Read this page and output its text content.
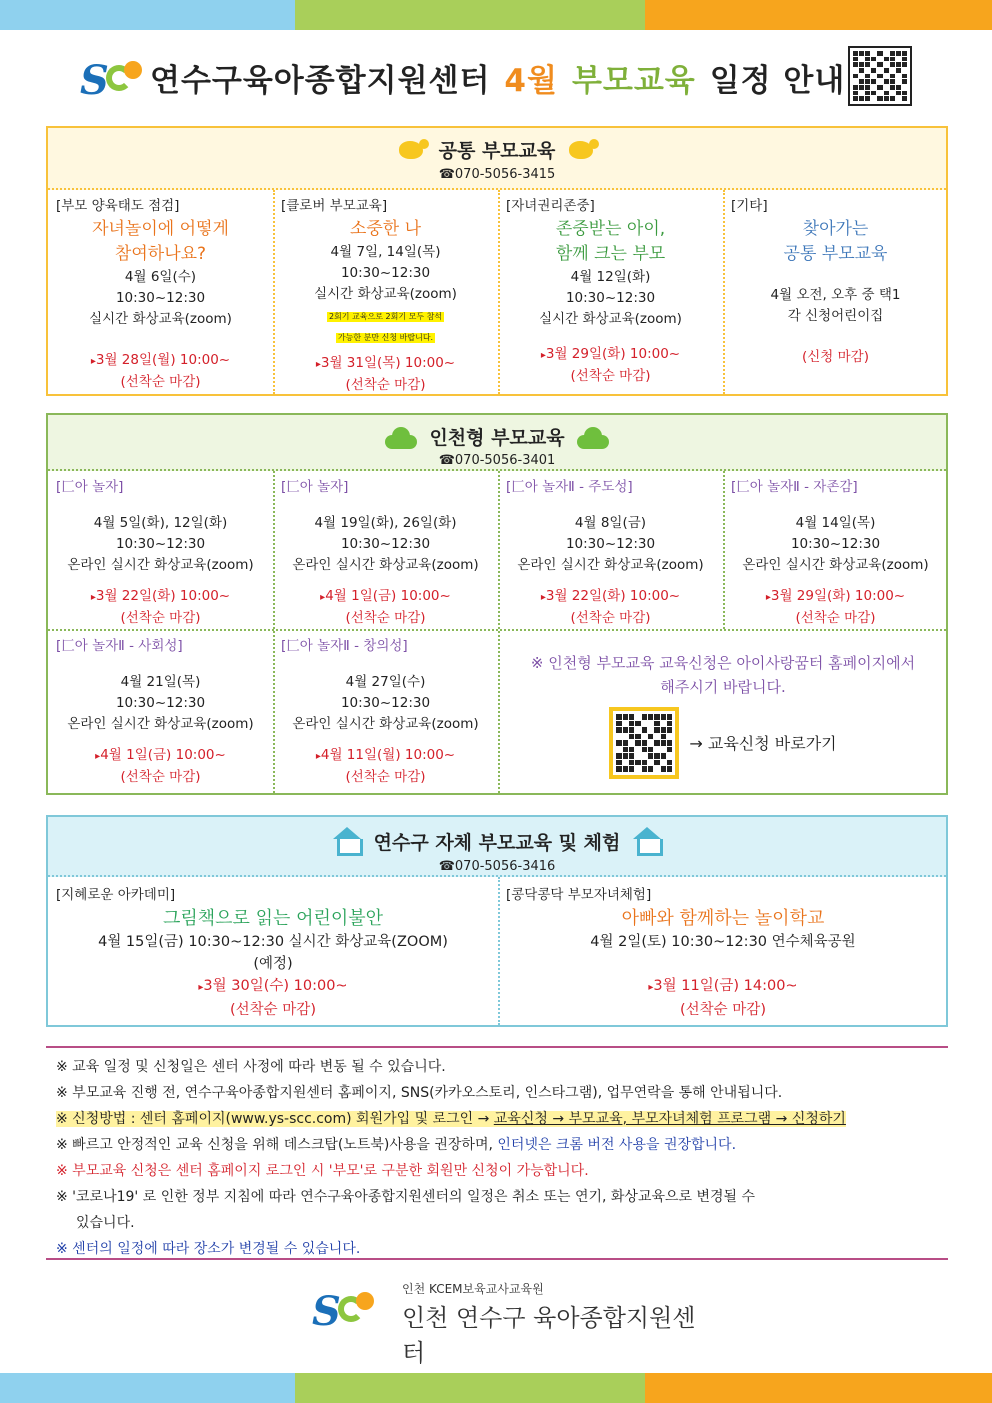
S 연수구육아종합지원센터 4월 부모교육 일정 안내
공통 부모교육
☎070-5056-3415
[부모 양육태도 점검]
자녀놀이에 어떻게
참여하나요?
4월 6일(수)
10:30~12:30
실시간 화상교육(zoom)
▸3월 28일(월) 10:00~
(선착순 마감)
[클로버 부모교육]
소중한 나
4월 7일, 14일(목)
10:30~12:30
실시간 화상교육(zoom)
2회기 교육으로 2회기 모두 참석
가능한 분만 신청 바랍니다.
▸3월 31일(목) 10:00~
(선착순 마감)
[자녀권리존중]
존중받는 아이,
함께 크는 부모
4월 12일(화)
10:30~12:30
실시간 화상교육(zoom)
▸3월 29일(화) 10:00~
(선착순 마감)
[기타]
찾아가는
공통 부모교육
4월 오전, 오후 중 택1
각 신청어린이집
(신청 마감)
인천형 부모교육
☎070-5056-3401
[匚아 놀자]
4월 5일(화), 12일(화)
10:30~12:30
온라인 실시간 화상교육(zoom)
▸3월 22일(화) 10:00~
(선착순 마감)
[匚아 놀자]
4월 19일(화), 26일(화)
10:30~12:30
온라인 실시간 화상교육(zoom)
▸4월 1일(금) 10:00~
(선착순 마감)
[匚아 놀자Ⅱ - 주도성]
4월 8일(금)
10:30~12:30
온라인 실시간 화상교육(zoom)
▸3월 22일(화) 10:00~
(선착순 마감)
[匚아 놀자Ⅱ - 자존감]
4월 14일(목)
10:30~12:30
온라인 실시간 화상교육(zoom)
▸3월 29일(화) 10:00~
(선착순 마감)
[匚아 놀자Ⅱ - 사회성]
4월 21일(목)
10:30~12:30
온라인 실시간 화상교육(zoom)
▸4월 1일(금) 10:00~
(선착순 마감)
[匚아 놀자Ⅱ - 창의성]
4월 27일(수)
10:30~12:30
온라인 실시간 화상교육(zoom)
▸4월 11일(월) 10:00~
(선착순 마감)
※ 인천형 부모교육 교육신청은 아이사랑꿈터 홈페이지에서
해주시기 바랍니다.
→ 교육신청 바로가기
연수구 자체 부모교육 및 체험
☎070-5056-3416
[지혜로운 아카데미]
그림책으로 읽는 어린이불안
4월 15일(금) 10:30~12:30 실시간 화상교육(ZOOM)
(예정)
▸3월 30일(수) 10:00~
(선착순 마감)
[콩닥콩닥 부모자녀체험]
아빠와 함께하는 놀이학교
4월 2일(토) 10:30~12:30 연수체육공원
▸3월 11일(금) 14:00~
(선착순 마감)

※ 교육 일정 및 신청일은 센터 사정에 따라 변동 될 수 있습니다.

※ 부모교육 진행 전, 연수구육아종합지원센터 홈페이지, SNS(카카오스토리, 인스타그램), 업무연락을 통해 안내됩니다.

※ 신청방법 : 센터 홈페이지(www.ys-scc.com) 회원가입 및 로그인 → 교육신청 → 부모교육, 부모자녀체험 프로그램 → 신청하기

※ 빠르고 안정적인 교육 신청을 위해 데스크탑(노트북)사용을 권장하며, 인터넷은 크롬 버전 사용을 권장합니다.

※ 부모교육 신청은 센터 홈페이지 로그인 시 '부모'로 구분한 회원만 신청이 가능합니다.

※ '코로나19' 로 인한 정부 지침에 따라 연수구육아종합지원센터의 일정은 취소 또는 연기, 화상교육으로 변경될 수

있습니다.

※ 센터의 일정에 따라 장소가 변경될 수 있습니다.

S	인천 KCEM보육교사교육원
인천 연수구 육아종합지원센터
